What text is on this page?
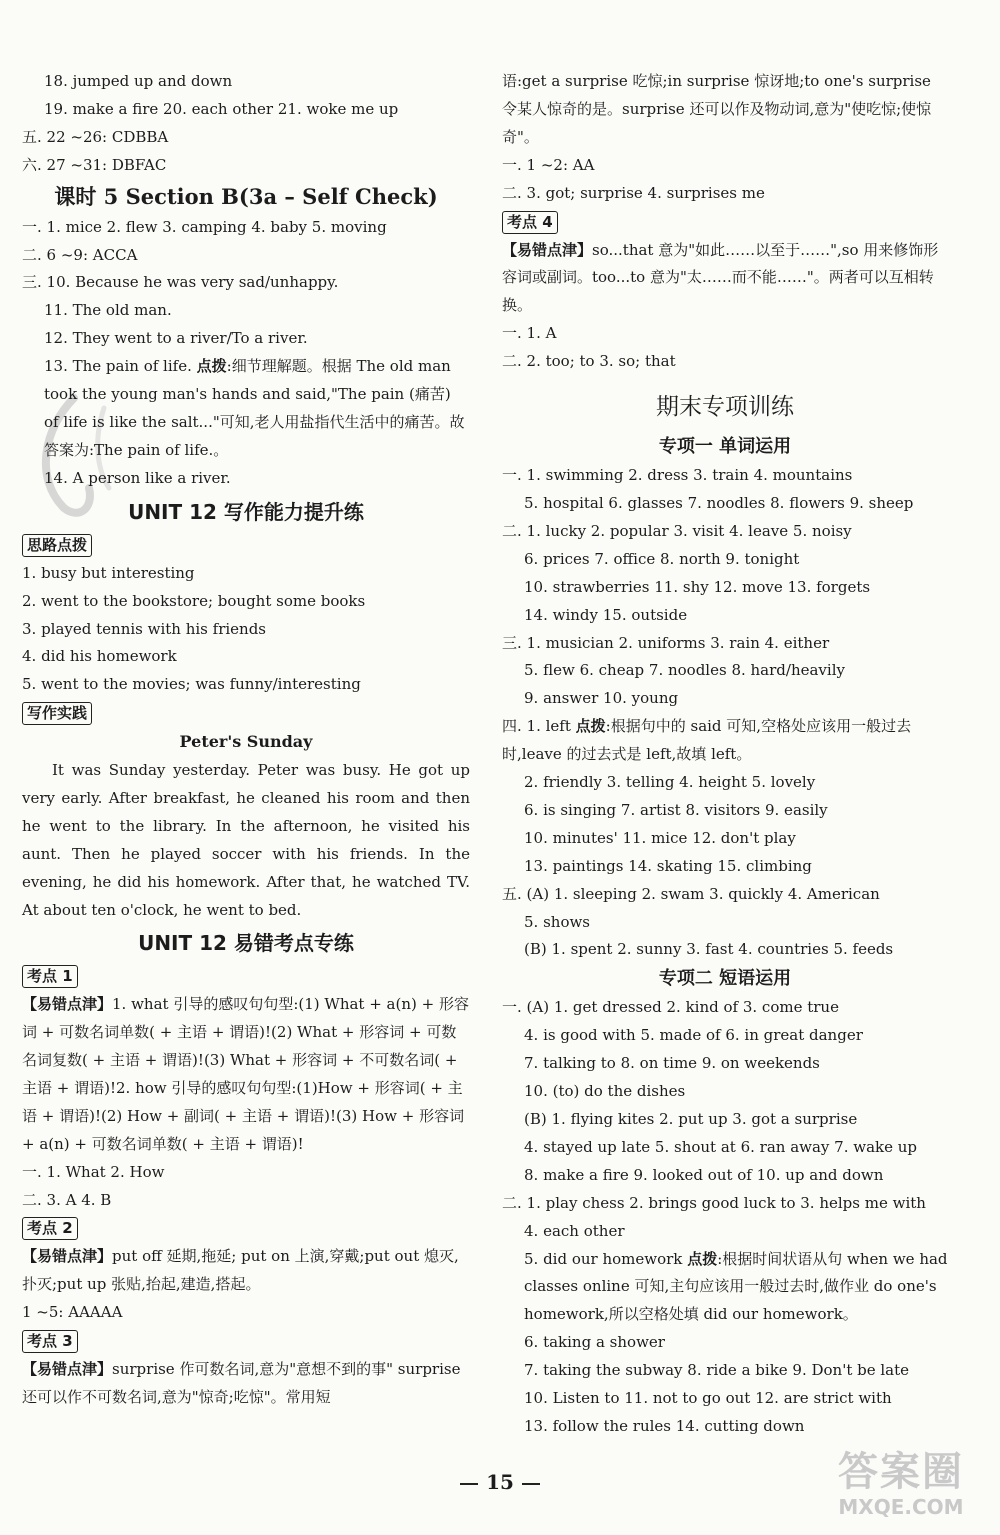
18. jumped up and down
19. make a fire 20. each other 21. woke me up
五. 22 ~26: CDBBA
六. 27 ~31: DBFAC
课时 5 Section B(3a – Self Check)
一. 1. mice 2. flew 3. camping 4. baby 5. moving
二. 6 ~9: ACCA
三. 10. Because he was very sad/unhappy.
11. The old man.
12. They went to a river/To a river.
13. The pain of life. 点拨:细节理解题。根据 The old man took the young man's hands and said,"The pain (痛苦) of life is like the salt..."可知,老人用盐指代生活中的痛苦。故答案为:The pain of life.。
14. A person like a river.
UNIT 12 写作能力提升练
思路点拨
1. busy but interesting
2. went to the bookstore; bought some books
3. played tennis with his friends
4. did his homework
5. went to the movies; was funny/interesting
写作实践
Peter's Sunday
It was Sunday yesterday. Peter was busy. He got up very early. After breakfast, he cleaned his room and then he went to the library. In the afternoon, he visited his aunt. Then he played soccer with his friends. In the evening, he did his homework. After that, he watched TV. At about ten o'clock, he went to bed.
UNIT 12 易错考点专练
考点 1
【易错点津】1. what 引导的感叹句句型:(1) What + a(n) + 形容词 + 可数名词单数( + 主语 + 谓语)!(2) What + 形容词 + 可数名词复数( + 主语 + 谓语)!(3) What + 形容词 + 不可数名词( + 主语 + 谓语)!2. how 引导的感叹句句型:(1)How + 形容词( + 主语 + 谓语)!(2) How + 副词( + 主语 + 谓语)!(3) How + 形容词 + a(n) + 可数名词单数( + 主语 + 谓语)!
一. 1. What 2. How
二. 3. A 4. B
考点 2
【易错点津】put off 延期,拖延; put on 上演,穿戴;put out 熄灭,扑灭;put up 张贴,抬起,建造,搭起。
1 ~5: AAAAA
考点 3
【易错点津】surprise 作可数名词,意为"意想不到的事" surprise 还可以作不可数名词,意为"惊奇;吃惊"。常用短
语:get a surprise 吃惊;in surprise 惊讶地;to one's surprise 令某人惊奇的是。surprise 还可以作及物动词,意为"使吃惊;使惊奇"。
一. 1 ~2: AA
二. 3. got; surprise 4. surprises me
考点 4
【易错点津】so...that 意为"如此……以至于……",so 用来修饰形容词或副词。too...to 意为"太……而不能……"。两者可以互相转换。
一. 1. A
二. 2. too; to 3. so; that
期末专项训练
专项一 单词运用
一. 1. swimming 2. dress 3. train 4. mountains
5. hospital 6. glasses 7. noodles 8. flowers 9. sheep
二. 1. lucky 2. popular 3. visit 4. leave 5. noisy
6. prices 7. office 8. north 9. tonight
10. strawberries 11. shy 12. move 13. forgets
14. windy 15. outside
三. 1. musician 2. uniforms 3. rain 4. either
5. flew 6. cheap 7. noodles 8. hard/heavily
9. answer 10. young
四. 1. left 点拨:根据句中的 said 可知,空格处应该用一般过去时,leave 的过去式是 left,故填 left。
2. friendly 3. telling 4. height 5. lovely
6. is singing 7. artist 8. visitors 9. easily
10. minutes' 11. mice 12. don't play
13. paintings 14. skating 15. climbing
五. (A) 1. sleeping 2. swam 3. quickly 4. American
5. shows
(B) 1. spent 2. sunny 3. fast 4. countries 5. feeds
专项二 短语运用
一. (A) 1. get dressed 2. kind of 3. come true
4. is good with 5. made of 6. in great danger
7. talking to 8. on time 9. on weekends
10. (to) do the dishes
(B) 1. flying kites 2. put up 3. got a surprise
4. stayed up late 5. shout at 6. ran away 7. wake up
8. make a fire 9. looked out of 10. up and down
二. 1. play chess 2. brings good luck to 3. helps me with
4. each other
5. did our homework 点拨:根据时间状语从句 when we had classes online 可知,主句应该用一般过去时,做作业 do one's homework,所以空格处填 did our homework。
6. taking a shower
7. taking the subway 8. ride a bike 9. Don't be late
10. Listen to 11. not to go out 12. are strict with
13. follow the rules 14. cutting down
15	答案圈
MXQE.COM
